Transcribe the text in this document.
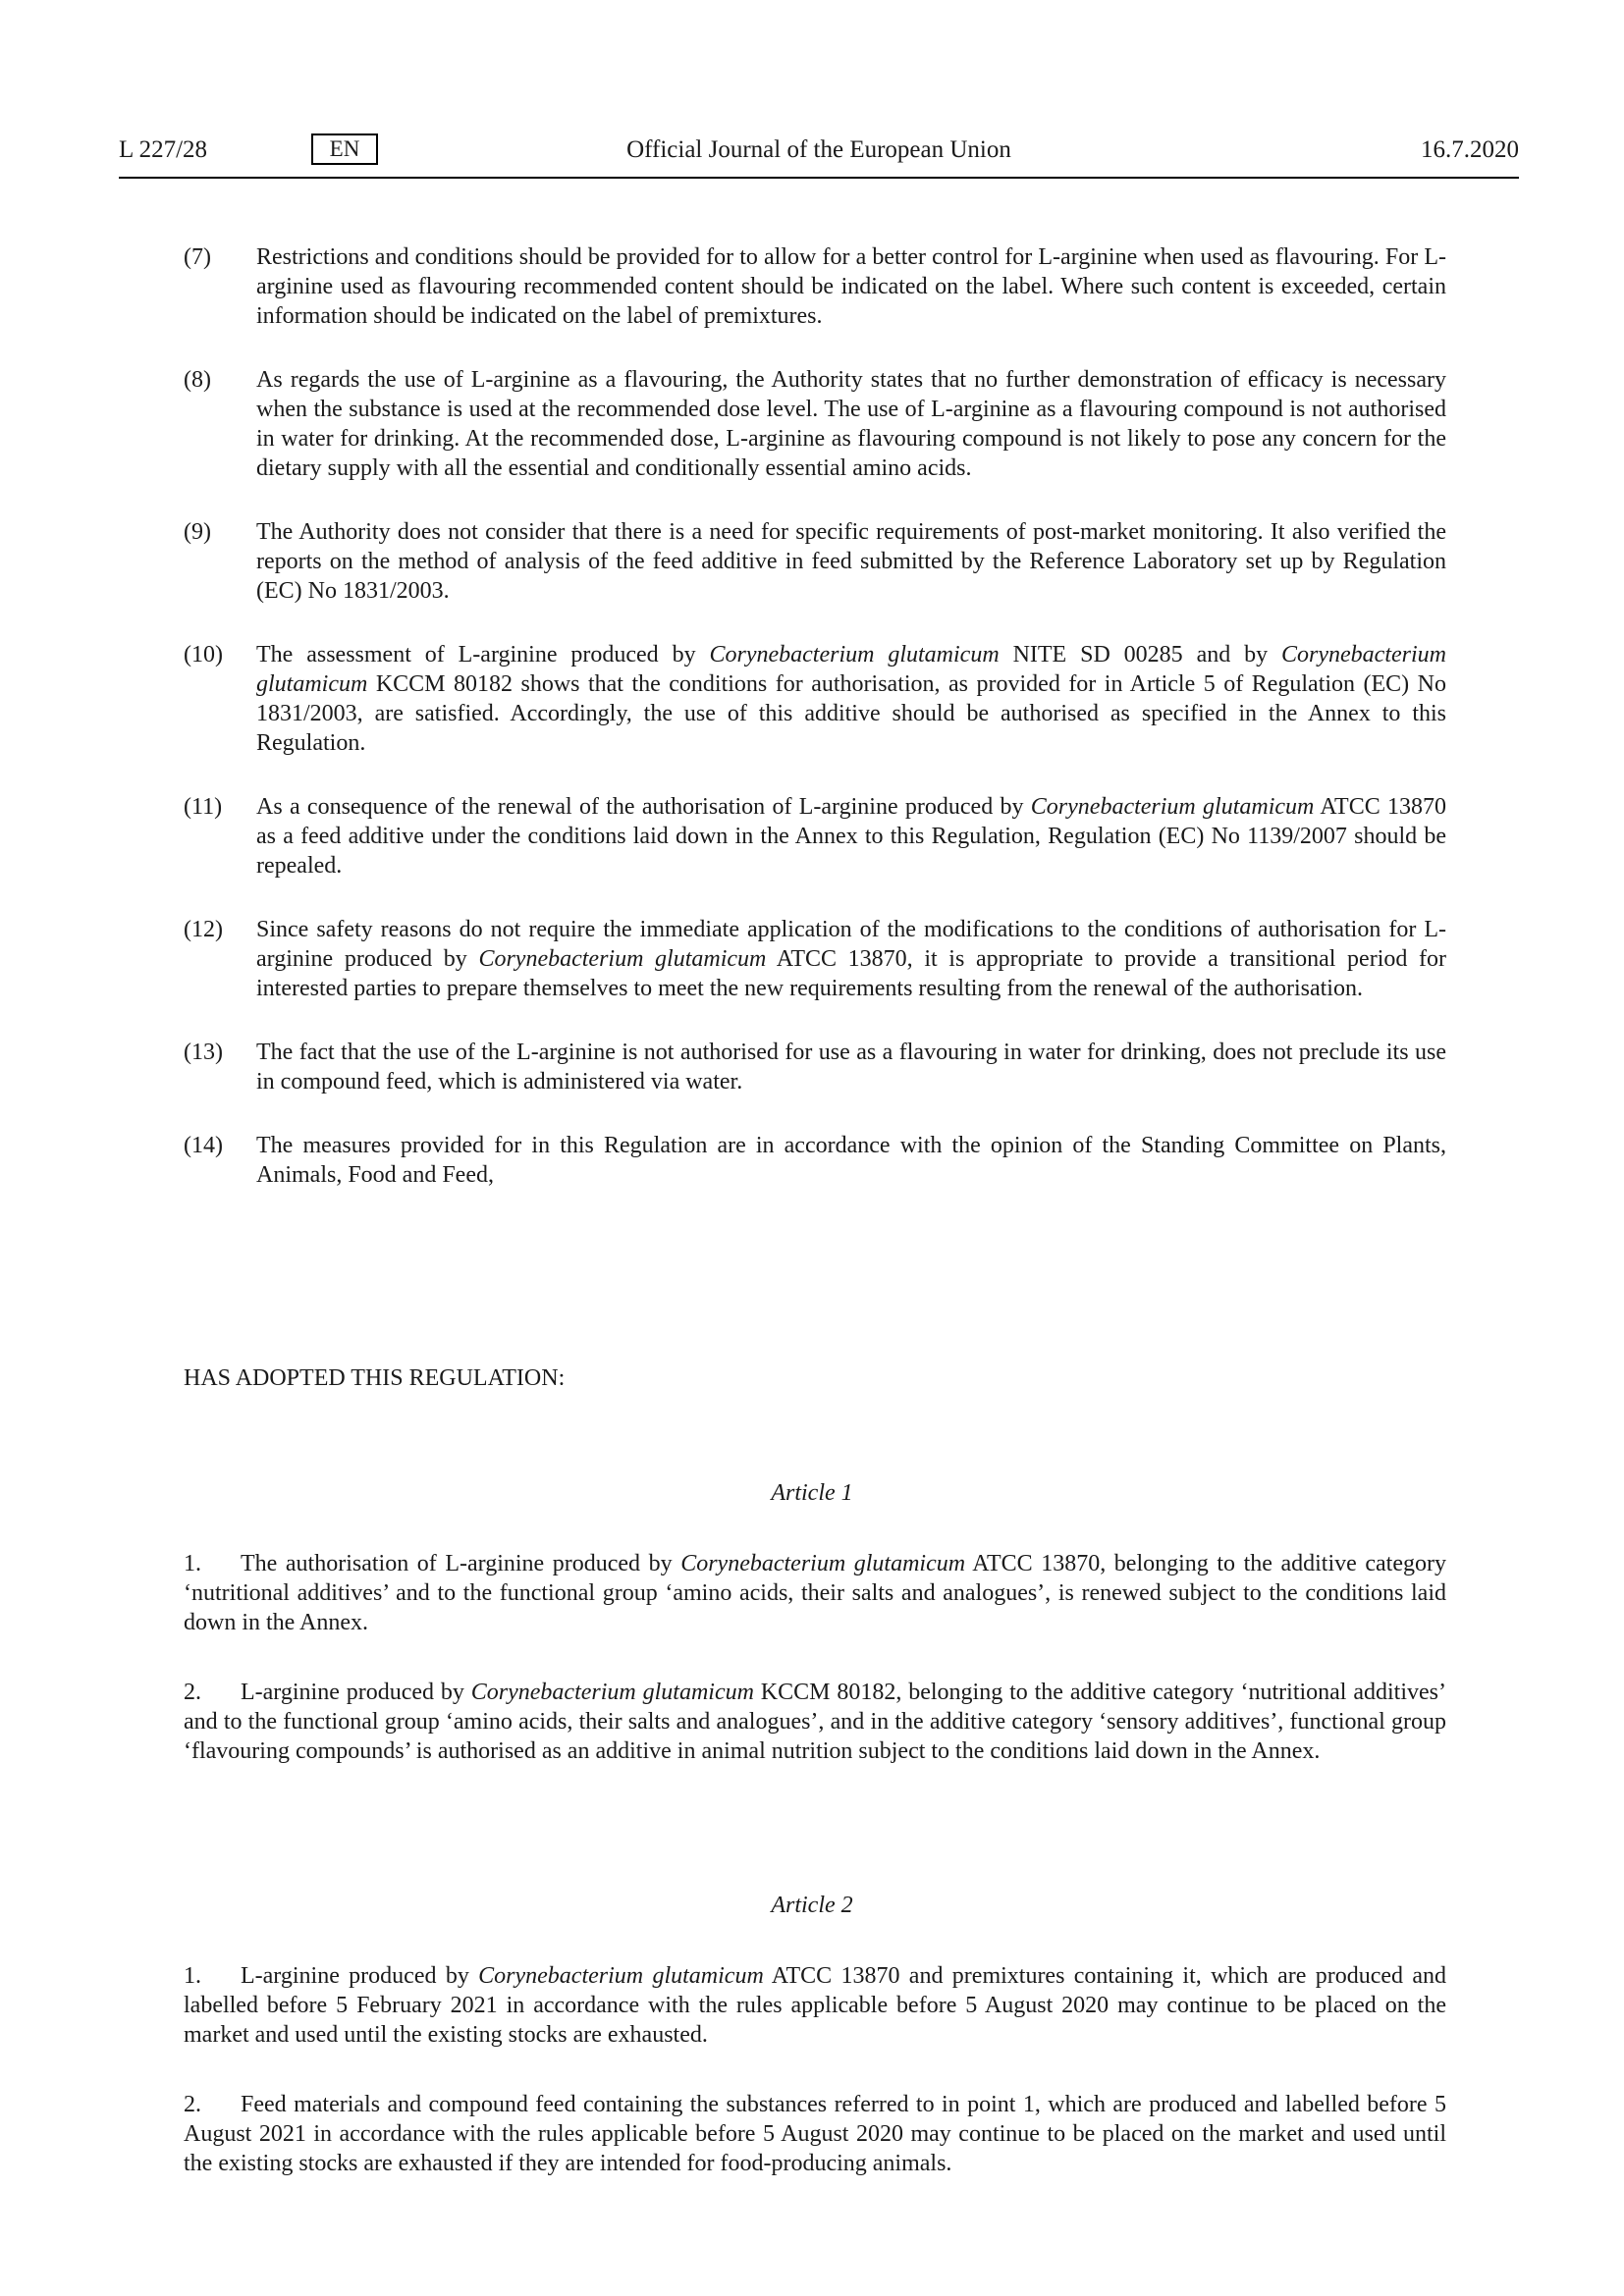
L 227/28	Official Journal of the European Union
EN	16.7.2020
(7) Restrictions and conditions should be provided for to allow for a better control for L-arginine when used as flavouring. For L-arginine used as flavouring recommended content should be indicated on the label. Where such content is exceeded, certain information should be indicated on the label of premixtures.
(8) As regards the use of L-arginine as a flavouring, the Authority states that no further demonstration of efficacy is necessary when the substance is used at the recommended dose level. The use of L-arginine as a flavouring compound is not authorised in water for drinking. At the recommended dose, L-arginine as flavouring compound is not likely to pose any concern for the dietary supply with all the essential and conditionally essential amino acids.
(9) The Authority does not consider that there is a need for specific requirements of post-market monitoring. It also verified the reports on the method of analysis of the feed additive in feed submitted by the Reference Laboratory set up by Regulation (EC) No 1831/2003.
(10) The assessment of L-arginine produced by Corynebacterium glutamicum NITE SD 00285 and by Corynebacterium glutamicum KCCM 80182 shows that the conditions for authorisation, as provided for in Article 5 of Regulation (EC) No 1831/2003, are satisfied. Accordingly, the use of this additive should be authorised as specified in the Annex to this Regulation.
(11) As a consequence of the renewal of the authorisation of L-arginine produced by Corynebacterium glutamicum ATCC 13870 as a feed additive under the conditions laid down in the Annex to this Regulation, Regulation (EC) No 1139/2007 should be repealed.
(12) Since safety reasons do not require the immediate application of the modifications to the conditions of authorisation for L-arginine produced by Corynebacterium glutamicum ATCC 13870, it is appropriate to provide a transitional period for interested parties to prepare themselves to meet the new requirements resulting from the renewal of the authorisation.
(13) The fact that the use of the L-arginine is not authorised for use as a flavouring in water for drinking, does not preclude its use in compound feed, which is administered via water.
(14) The measures provided for in this Regulation are in accordance with the opinion of the Standing Committee on Plants, Animals, Food and Feed,
HAS ADOPTED THIS REGULATION:
Article 1
1. The authorisation of L-arginine produced by Corynebacterium glutamicum ATCC 13870, belonging to the additive category ‘nutritional additives’ and to the functional group ‘amino acids, their salts and analogues’, is renewed subject to the conditions laid down in the Annex.
2. L-arginine produced by Corynebacterium glutamicum KCCM 80182, belonging to the additive category ‘nutritional additives’ and to the functional group ‘amino acids, their salts and analogues’, and in the additive category ‘sensory additives’, functional group ‘flavouring compounds’ is authorised as an additive in animal nutrition subject to the conditions laid down in the Annex.
Article 2
1. L-arginine produced by Corynebacterium glutamicum ATCC 13870 and premixtures containing it, which are produced and labelled before 5 February 2021 in accordance with the rules applicable before 5 August 2020 may continue to be placed on the market and used until the existing stocks are exhausted.
2. Feed materials and compound feed containing the substances referred to in point 1, which are produced and labelled before 5 August 2021 in accordance with the rules applicable before 5 August 2020 may continue to be placed on the market and used until the existing stocks are exhausted if they are intended for food-producing animals.
